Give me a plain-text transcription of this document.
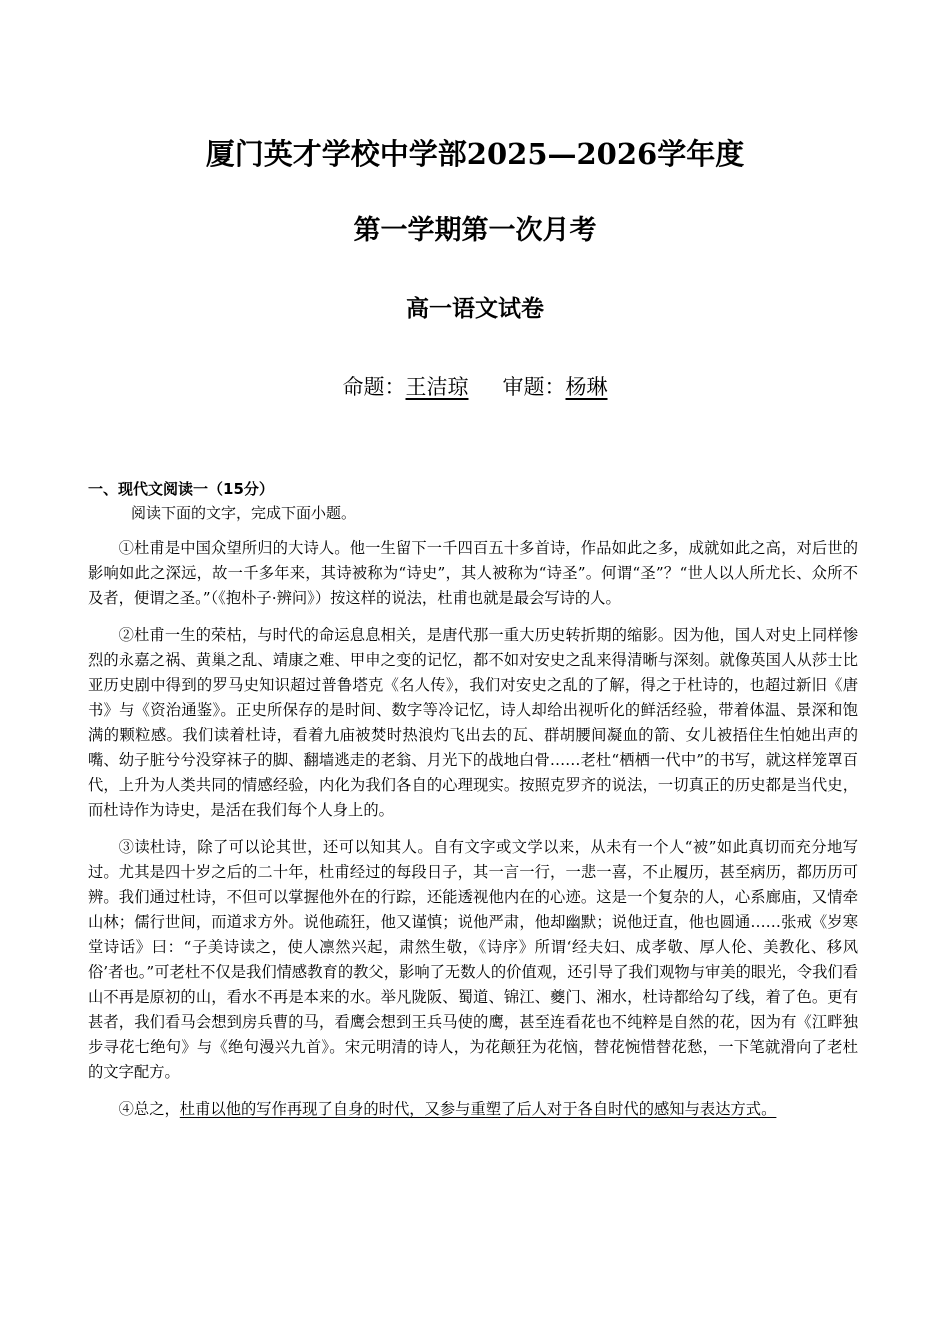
厦门英才学校中学部2025—2026学年度
第一学期第一次月考
高一语文试卷
命题：王洁琼 审题：杨琳
一、现代文阅读一（15分）
阅读下面的文字，完成下面小题。

①杜甫是中国众望所归的大诗人。他一生留下一千四百五十多首诗，作品如此之多，成就如此之高，对后世的影响如此之深远，故一千多年来，其诗被称为“诗史”，其人被称为“诗圣”。何谓“圣”？“世人以人所尤长、众所不及者，便谓之圣。”（《抱朴子·辨问》）按这样的说法，杜甫也就是最会写诗的人。

②杜甫一生的荣枯，与时代的命运息息相关，是唐代那一重大历史转折期的缩影。因为他，国人对史上同样惨烈的永嘉之祸、黄巢之乱、靖康之难、甲申之变的记忆，都不如对安史之乱来得清晰与深刻。就像英国人从莎士比亚历史剧中得到的罗马史知识超过普鲁塔克《名人传》，我们对安史之乱的了解，得之于杜诗的，也超过新旧《唐书》与《资治通鉴》。正史所保存的是时间、数字等冷记忆，诗人却给出视听化的鲜活经验，带着体温、景深和饱满的颗粒感。我们读着杜诗，看着九庙被焚时热浪灼飞出去的瓦、群胡腰间凝血的箭、女儿被捂住生怕她出声的嘴、幼子脏兮兮没穿袜子的脚、翻墙逃走的老翁、月光下的战地白骨……老杜“栖栖一代中”的书写，就这样笼罩百代，上升为人类共同的情感经验，内化为我们各自的心理现实。按照克罗齐的说法，一切真正的历史都是当代史，而杜诗作为诗史，是活在我们每个人身上的。

③读杜诗，除了可以论其世，还可以知其人。自有文字或文学以来，从未有一个人“被”如此真切而充分地写过。尤其是四十岁之后的二十年，杜甫经过的每段日子，其一言一行，一悲一喜，不止履历，甚至病历，都历历可辨。我们通过杜诗，不但可以掌握他外在的行踪，还能透视他内在的心迹。这是一个复杂的人，心系廊庙，又情牵山林；儒行世间，而道求方外。说他疏狂，他又谨慎；说他严肃，他却幽默；说他迂直，他也圆通……张戒《岁寒堂诗话》曰：“子美诗读之，使人凛然兴起，肃然生敬，《诗序》所谓‘经夫妇、成孝敬、厚人伦、美教化、移风俗’者也。”可老杜不仅是我们情感教育的教父，影响了无数人的价值观，还引导了我们观物与审美的眼光，令我们看山不再是原初的山，看水不再是本来的水。举凡陇阪、蜀道、锦江、夔门、湘水，杜诗都给勾了线，着了色。更有甚者，我们看马会想到房兵曹的马，看鹰会想到王兵马使的鹰，甚至连看花也不纯粹是自然的花，因为有《江畔独步寻花七绝句》与《绝句漫兴九首》。宋元明清的诗人，为花颠狂为花恼，替花惋惜替花愁，一下笔就滑向了老杜的文字配方。

④总之，杜甫以他的写作再现了自身的时代，又参与重塑了后人对于各自时代的感知与表达方式。
